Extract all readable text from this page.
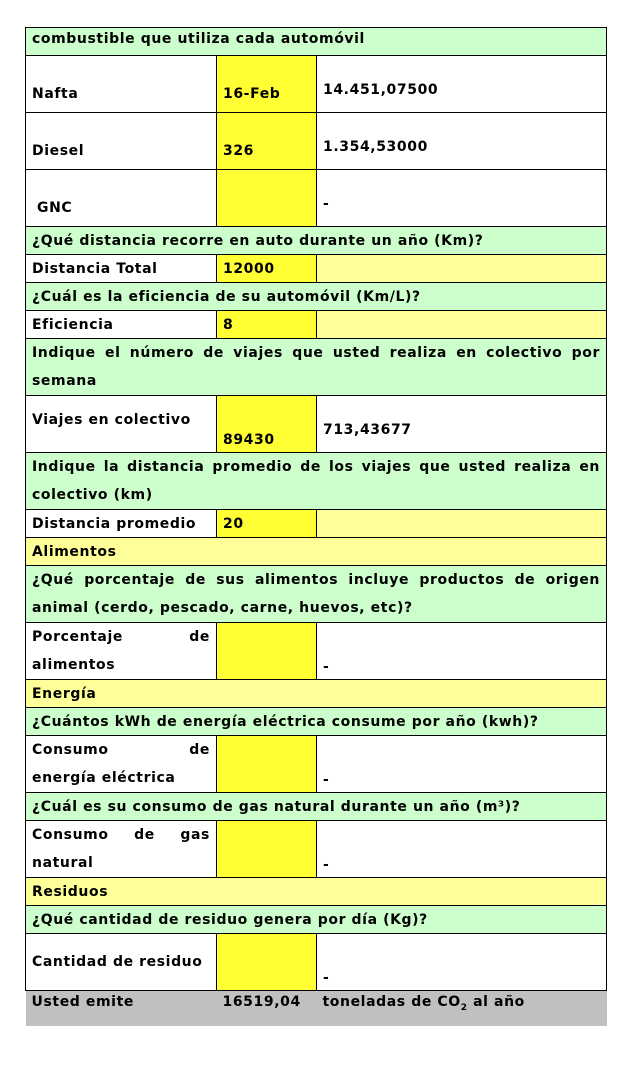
combustible que utiliza cada automóvil		
Nafta	16-Feb	14.451,07500
Diesel	326	1.354,53000
GNC		-
¿Qué distancia recorre en auto durante un año (Km)?		
Distancia Total	12000	
¿Cuál es la eficiencia de su automóvil (Km/L)?		
Eficiencia	8	

Indique el número de viajes que usted realiza en colectivo por
semana		

Viajes en colectivo	89430	713,43677

Indique la distancia promedio de los viajes que usted realiza en
colectivo (km)		

Distancia promedio	20	
Alimentos		

¿Qué porcentaje de sus alimentos incluye productos de origen
animal (cerdo, pescado, carne, huevos, etc)?		

Porcentaje de
alimentos		-
Energía		
¿Cuántos kWh de energía eléctrica consume por año (kwh)?		

Consumo de
energía eléctrica		-
¿Cuál es su consumo de gas natural durante un año (m³)?		

Consumo de gas
natural		-
Residuos		
¿Qué cantidad de residuo genera por día (Kg)?		
Cantidad de residuo		-
Usted emite	16519,04	toneladas de $CO_2$ al año
